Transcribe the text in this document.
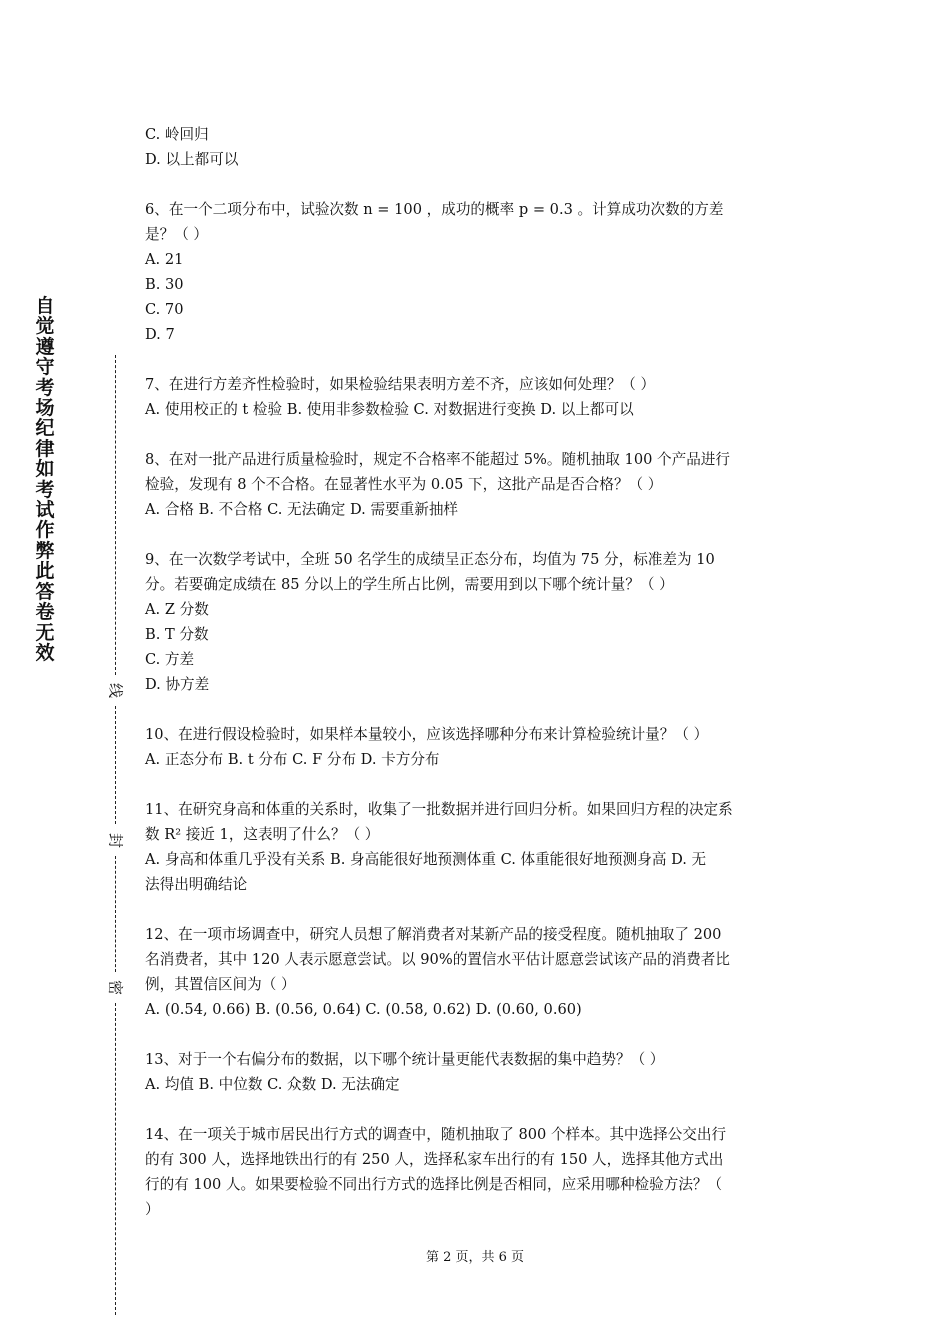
自觉遵守考场纪律如考试作弊此答卷无效
线
封
密

C. 岭回归

D. 以上都可以

6、在一个二项分布中，试验次数 n = 100 ，成功的概率 p = 0.3 。计算成功次数的方差

是？（ ）

A. 21

B. 30

C. 70

D. 7

7、在进行方差齐性检验时，如果检验结果表明方差不齐，应该如何处理？（ ）

A. 使用校正的 t 检验 B. 使用非参数检验 C. 对数据进行变换 D. 以上都可以

8、在对一批产品进行质量检验时，规定不合格率不能超过 5%。随机抽取 100 个产品进行

检验，发现有 8 个不合格。在显著性水平为 0.05 下，这批产品是否合格？（ ）

A. 合格 B. 不合格 C. 无法确定 D. 需要重新抽样

9、在一次数学考试中，全班 50 名学生的成绩呈正态分布，均值为 75 分，标准差为 10

分。若要确定成绩在 85 分以上的学生所占比例，需要用到以下哪个统计量？（ ）

A. Z 分数

B. T 分数

C. 方差

D. 协方差

10、在进行假设检验时，如果样本量较小，应该选择哪种分布来计算检验统计量？（ ）

A. 正态分布 B. t 分布 C. F 分布 D. 卡方分布

11、在研究身高和体重的关系时，收集了一批数据并进行回归分析。如果回归方程的决定系

数 R² 接近 1，这表明了什么？（ ）

A. 身高和体重几乎没有关系 B. 身高能很好地预测体重 C. 体重能很好地预测身高 D. 无

法得出明确结论

12、在一项市场调查中，研究人员想了解消费者对某新产品的接受程度。随机抽取了 200

名消费者，其中 120 人表示愿意尝试。以 90%的置信水平估计愿意尝试该产品的消费者比

例，其置信区间为（ ）

A. (0.54, 0.66) B. (0.56, 0.64) C. (0.58, 0.62) D. (0.60, 0.60)

13、对于一个右偏分布的数据，以下哪个统计量更能代表数据的集中趋势？（ ）

A. 均值 B. 中位数 C. 众数 D. 无法确定

14、在一项关于城市居民出行方式的调查中，随机抽取了 800 个样本。其中选择公交出行

的有 300 人，选择地铁出行的有 250 人，选择私家车出行的有 150 人，选择其他方式出

行的有 100 人。如果要检验不同出行方式的选择比例是否相同，应采用哪种检验方法？（

）

第 2 页，共 6 页
